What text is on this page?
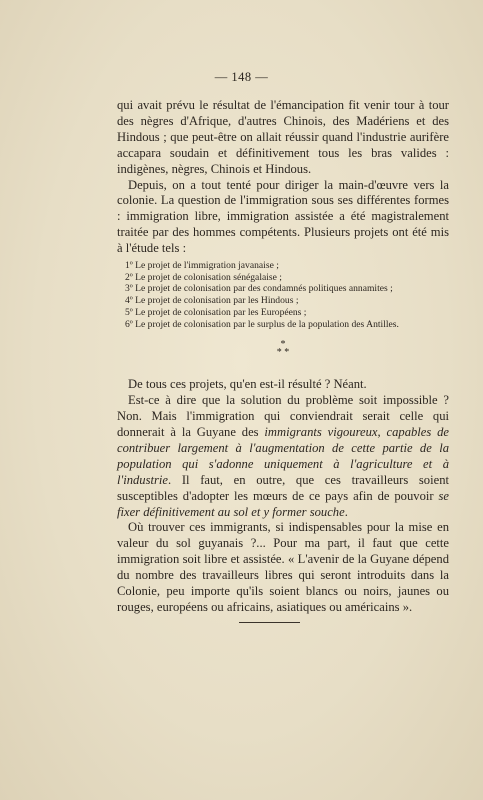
— 148 —

qui avait prévu le résultat de l'émancipation fit venir tour à tour des nègres d'Afrique, d'autres Chinois, des Madériens et des Hindous ; que peut-être on allait réussir quand l'industrie aurifère accapara soudain et définitivement tous les bras valides : indigènes, nègres, Chinois et Hindous.

Depuis, on a tout tenté pour diriger la main-d'œuvre vers la colonie. La question de l'immigration sous ses différentes formes : immigration libre, immigration assistée a été magistralement traitée par des hommes compétents. Plusieurs projets ont été mis à l'étude tels :

1º Le projet de l'immigration javanaise ;
2º Le projet de colonisation sénégalaise ;
3º Le projet de colonisation par des condamnés politiques annamites ;
4º Le projet de colonisation par les Hindous ;
5º Le projet de colonisation par les Européens ;
6º Le projet de colonisation par le surplus de la population des Antilles.
*
* *

De tous ces projets, qu'en est-il résulté ? Néant.

Est-ce à dire que la solution du problème soit impossible ? Non. Mais l'immigration qui conviendrait serait celle qui donnerait à la Guyane des immigrants vigoureux, capables de contribuer largement à l'augmentation de cette partie de la population qui s'adonne uniquement à l'agriculture et à l'industrie. Il faut, en outre, que ces travailleurs soient susceptibles d'adopter les mœurs de ce pays afin de pouvoir se fixer définitivement au sol et y former souche.

Où trouver ces immigrants, si indispensables pour la mise en valeur du sol guyanais ?... Pour ma part, il faut que cette immigration soit libre et assistée. « L'avenir de la Guyane dépend du nombre des travailleurs libres qui seront introduits dans la Colonie, peu importe qu'ils soient blancs ou noirs, jaunes ou rouges, européens ou africains, asiatiques ou américains ».
